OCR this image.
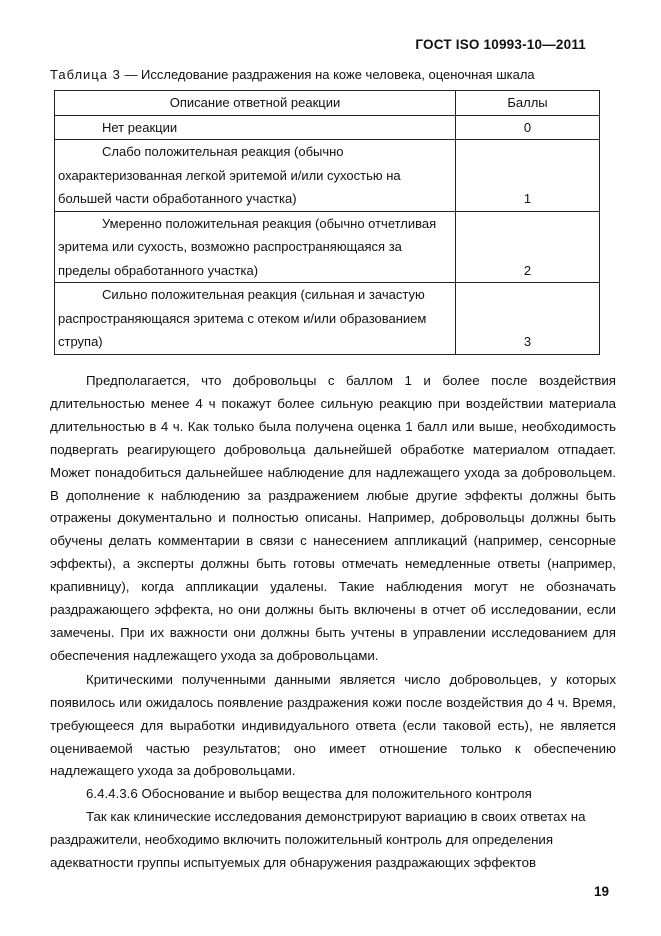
ГОСТ ISO 10993-10—2011
Таблица 3 — Исследование раздражения на коже человека, оценочная шкала
Описание ответной реакции	Баллы

Нет реакции	0

Слабо положительная реакция (обычно охарактеризованная легкой эритемой и/или сухостью на большей части обработанного участка)	1

Умеренно положительная реакция (обычно отчетливая эритема или сухость, возможно распространяющаяся за пределы обработанного участка)	2

Сильно положительная реакция (сильная и зачастую распространяющаяся эритема с отеком и/или образованием струпа)	3

Предполагается, что добровольцы с баллом 1 и более после воздействия длительностью менее 4 ч покажут более сильную реакцию при воздействии материала длительностью в 4 ч. Как только была получена оценка 1 балл или выше, необходимость подвергать реагирующего добровольца дальнейшей обработке материалом отпадает. Может понадобиться дальнейшее наблюдение для надлежащего ухода за добровольцем. В дополнение к наблюдению за раздражением любые другие эффекты должны быть отражены документально и полностью описаны. Например, добровольцы должны быть обучены делать комментарии в связи с нанесением аппликаций (например, сенсорные эффекты), а эксперты должны быть готовы отмечать немедленные ответы (например, крапивницу), когда аппликации удалены. Такие наблюдения могут не обозначать раздражающего эффекта, но они должны быть включены в отчет об исследовании, если замечены. При их важности они должны быть учтены в управлении исследованием для обеспечения надлежащего ухода за добровольцами.

Критическими полученными данными является число добровольцев, у которых появилось или ожидалось появление раздражения кожи после воздействия до 4 ч. Время, требующееся для выработки индивидуального ответа (если таковой есть), не является оцениваемой частью результатов; оно имеет отношение только к обеспечению надлежащего ухода за добровольцами.

6.4.4.3.6 Обоснование и выбор вещества для положительного контроля

Так как клинические исследования демонстрируют вариацию в своих ответах на раздражители, необходимо включить положительный контроль для определения адекватности группы испытуемых для обнаружения раздражающих эффектов

19
